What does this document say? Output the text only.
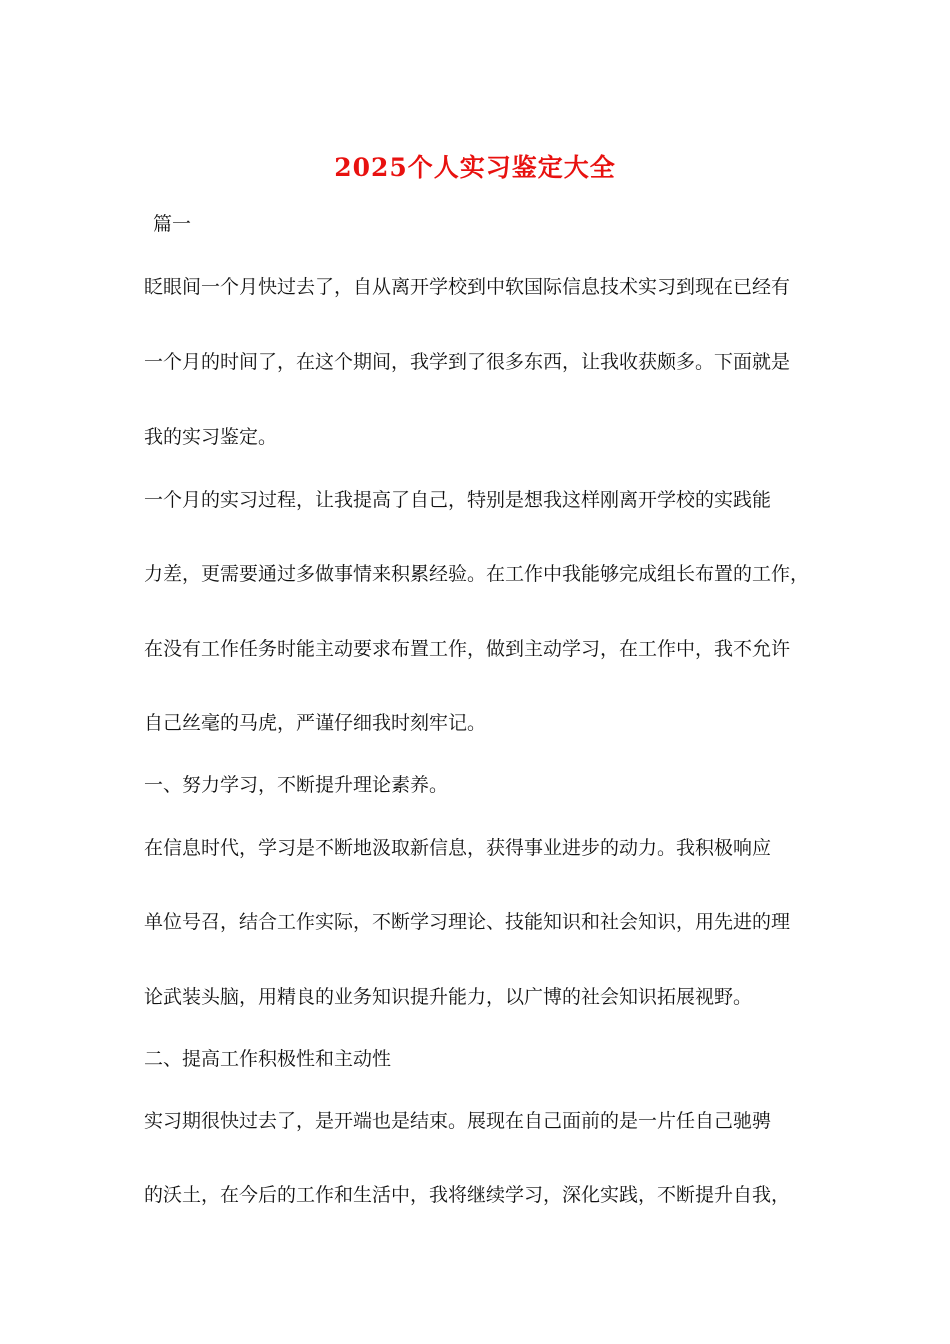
2025个人实习鉴定大全
篇一
眨眼间一个月快过去了，自从离开学校到中软国际信息技术实习到现在已经有
一个月的时间了，在这个期间，我学到了很多东西，让我收获颇多。下面就是
我的实习鉴定。
一个月的实习过程，让我提高了自己，特别是想我这样刚离开学校的实践能
力差，更需要通过多做事情来积累经验。在工作中我能够完成组长布置的工作，
在没有工作任务时能主动要求布置工作，做到主动学习，在工作中，我不允许
自己丝毫的马虎，严谨仔细我时刻牢记。
一、努力学习，不断提升理论素养。
在信息时代，学习是不断地汲取新信息，获得事业进步的动力。我积极响应
单位号召，结合工作实际，不断学习理论、技能知识和社会知识，用先进的理
论武装头脑，用精良的业务知识提升能力，以广博的社会知识拓展视野。
二、提高工作积极性和主动性
实习期很快过去了，是开端也是结束。展现在自己面前的是一片任自己驰骋
的沃土，在今后的工作和生活中，我将继续学习，深化实践，不断提升自我，
